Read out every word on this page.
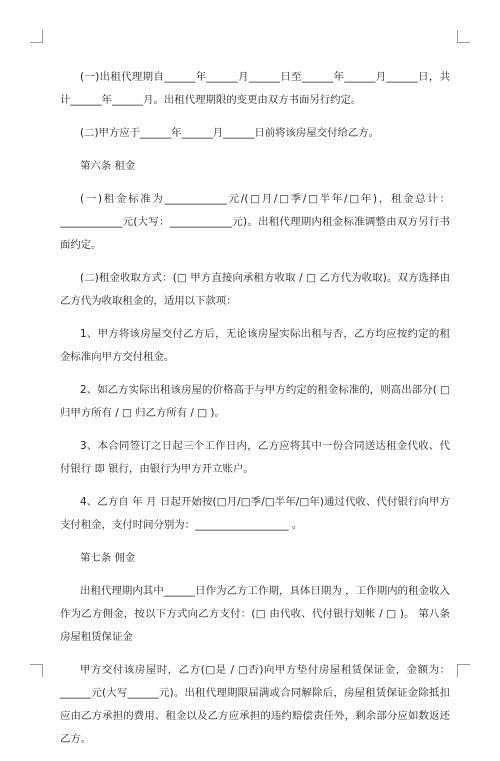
(一)出租代理期自______年______月______日至______年______月______日，共计______年______月。出租代理期限的变更由双方书面另行约定。

(二)甲方应于______年______月______日前将该房屋交付给乙方。

第六条 租金

(一)租金标准为____________元/(□月/□季/□半年/□年)，租金总计：____________元(大写：____________元)。出租代理期内租金标准调整由双方另行书面约定。

(二)租金收取方式：(□ 甲方直接向承租方收取 / □ 乙方代为收取)。双方选择由乙方代为收取租金的，适用以下款项：

1、甲方将该房屋交付乙方后，无论该房屋实际出租与否，乙方均应按约定的租金标准向甲方交付租金。

2、如乙方实际出租该房屋的价格高于与甲方约定的租金标准的，则高出部分( □ 归甲方所有 / □ 归乙方所有 / □ )。

3、本合同签订之日起三个工作日内，乙方应将其中一份合同送达租金代收、代付银行 即 银行，由银行为甲方开立账户。

4、乙方自 年 月 日起开始按(□月/□季/□半年/□年)通过代收、代付银行向甲方支付租金，支付时间分别为：__________________ 。

第七条 佣金

出租代理期内其中______日作为乙方工作期，具体日期为 ，工作期内的租金收入作为乙方佣金，按以下方式向乙方支付：(□ 由代收、代付银行划帐 / □ )。 第八条 房屋租赁保证金

甲方交付该房屋时，乙方(□是 / □否)向甲方垫付房屋租赁保证金，金额为：______元(大写______元)。出租代理期限届满或合同解除后，房屋租赁保证金除抵扣应由乙方承担的费用、租金以及乙方应承担的违约赔偿责任外，剩余部分应如数返还乙方。
